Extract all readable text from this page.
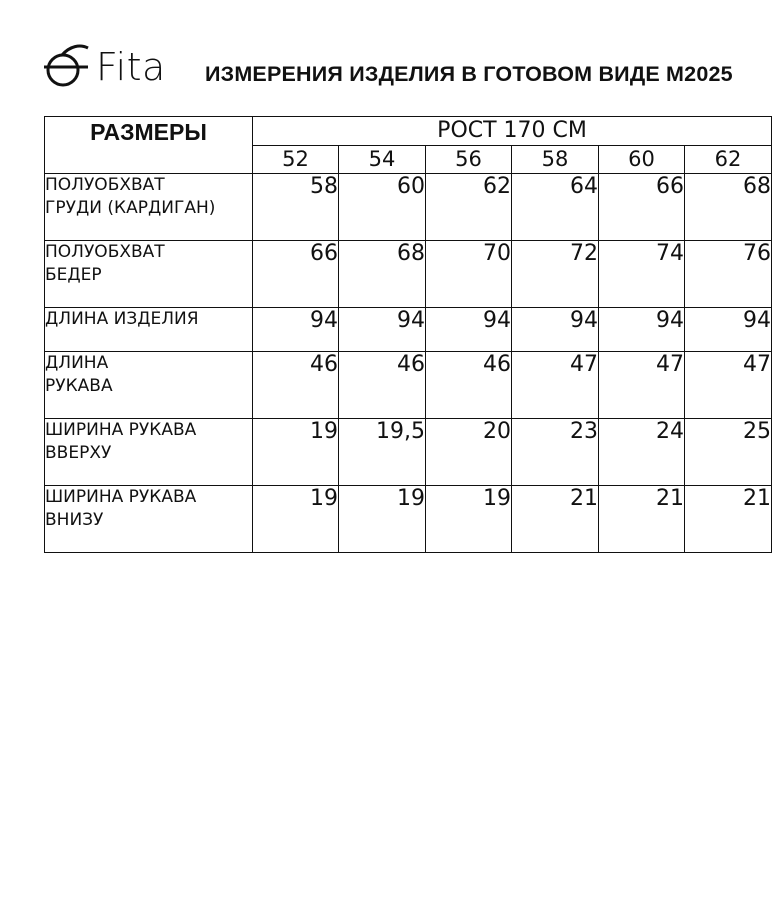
Fita ИЗМЕРЕНИЯ ИЗДЕЛИЯ В ГОТОВОМ ВИДЕ М2025
РАЗМЕРЫ	РОСТ 170 СМ					
	52	54	56	58	60	62
ПОЛУОБХВАТ
ГРУДИ (КАРДИГАН)	58	60	62	64	66	68
ПОЛУОБХВАТ
БЕДЕР	66	68	70	72	74	76
ДЛИНА ИЗДЕЛИЯ	94	94	94	94	94	94
ДЛИНА
РУКАВА	46	46	46	47	47	47
ШИРИНА РУКАВА
ВВЕРХУ	19	19,5	20	23	24	25
ШИРИНА РУКАВА
ВНИЗУ	19	19	19	21	21	21
